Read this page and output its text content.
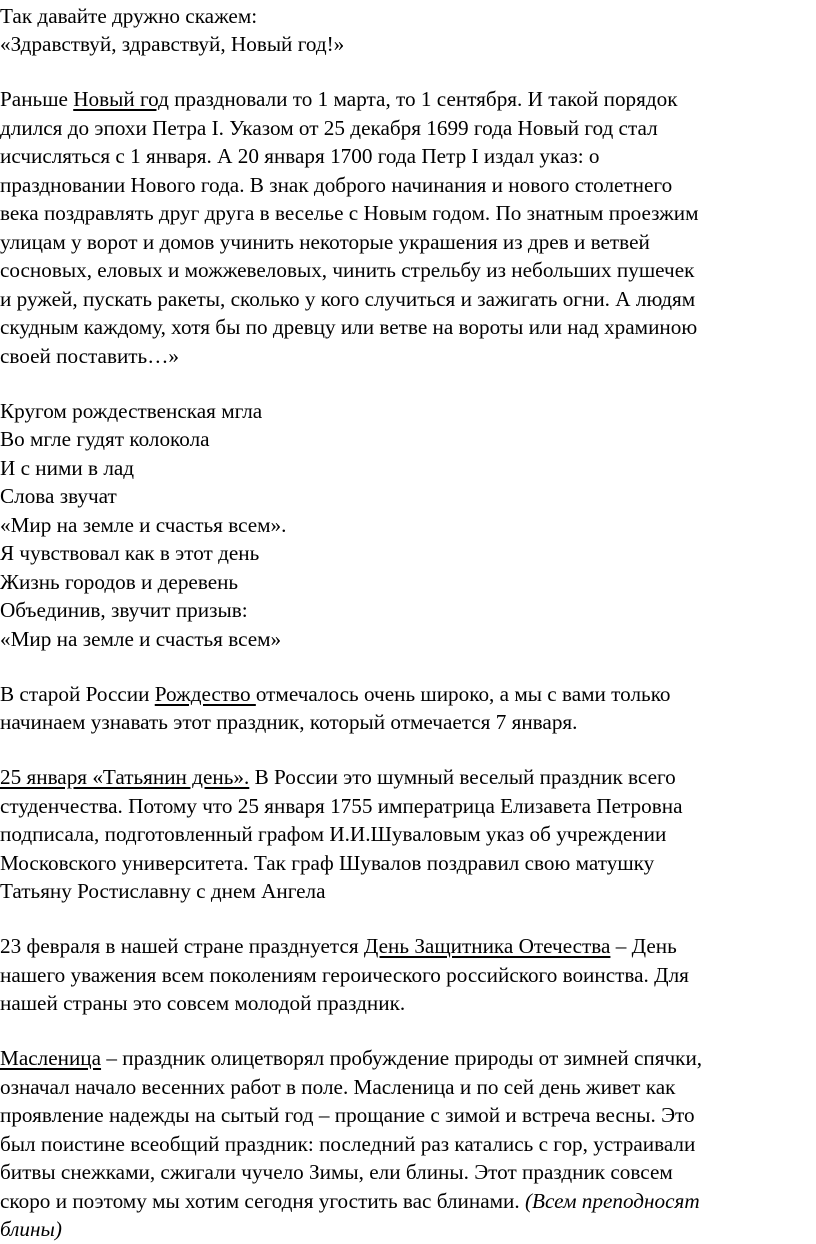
Так давайте дружно скажем:
«Здравствуй, здравствуй, Новый год!»
Раньше Новый год праздновали то 1 марта, то 1 сентября. И такой порядок
длился до эпохи Петра I. Указом от 25 декабря 1699 года Новый год стал
исчисляться с 1 января. А 20 января 1700 года Петр I издал указ: о
праздновании Нового года. В знак доброго начинания и нового столетнего
века поздравлять друг друга в веселье с Новым годом. По знатным проезжим
улицам у ворот и домов учинить некоторые украшения из древ и ветвей
сосновых, еловых и можжевеловых, чинить стрельбу из небольших пушечек
и ружей, пускать ракеты, сколько у кого случиться и зажигать огни. А людям
скудным каждому, хотя бы по древцу или ветве на вороты или над храминою
своей поставить…»
Кругом рождественская мгла
Во мгле гудят колокола
И с ними в лад
Слова звучат
«Мир на земле и счастья всем».
Я чувствовал как в этот день
Жизнь городов и деревень
Объединив, звучит призыв:
«Мир на земле и счастья всем»
В старой России Рождество отмечалось очень широко, а мы с вами только
начинаем узнавать этот праздник, который отмечается 7 января.
25 января «Татьянин день». В России это шумный веселый праздник всего
студенчества. Потому что 25 января 1755 императрица Елизавета Петровна
подписала, подготовленный графом И.И.Шуваловым указ об учреждении
Московского университета. Так граф Шувалов поздравил свою матушку
Татьяну Ростиславну с днем Ангела
23 февраля в нашей стране празднуется День Защитника Отечества – День
нашего уважения всем поколениям героического российского воинства. Для
нашей страны это совсем молодой праздник.
Масленица – праздник олицетворял пробуждение природы от зимней спячки,
означал начало весенних работ в поле. Масленица и по сей день живет как
проявление надежды на сытый год – прощание с зимой и встреча весны. Это
был поистине всеобщий праздник: последний раз катались с гор, устраивали
битвы снежками, сжигали чучело Зимы, ели блины. Этот праздник совсем
скоро и поэтому мы хотим сегодня угостить вас блинами. (Всем преподносят
блины)
